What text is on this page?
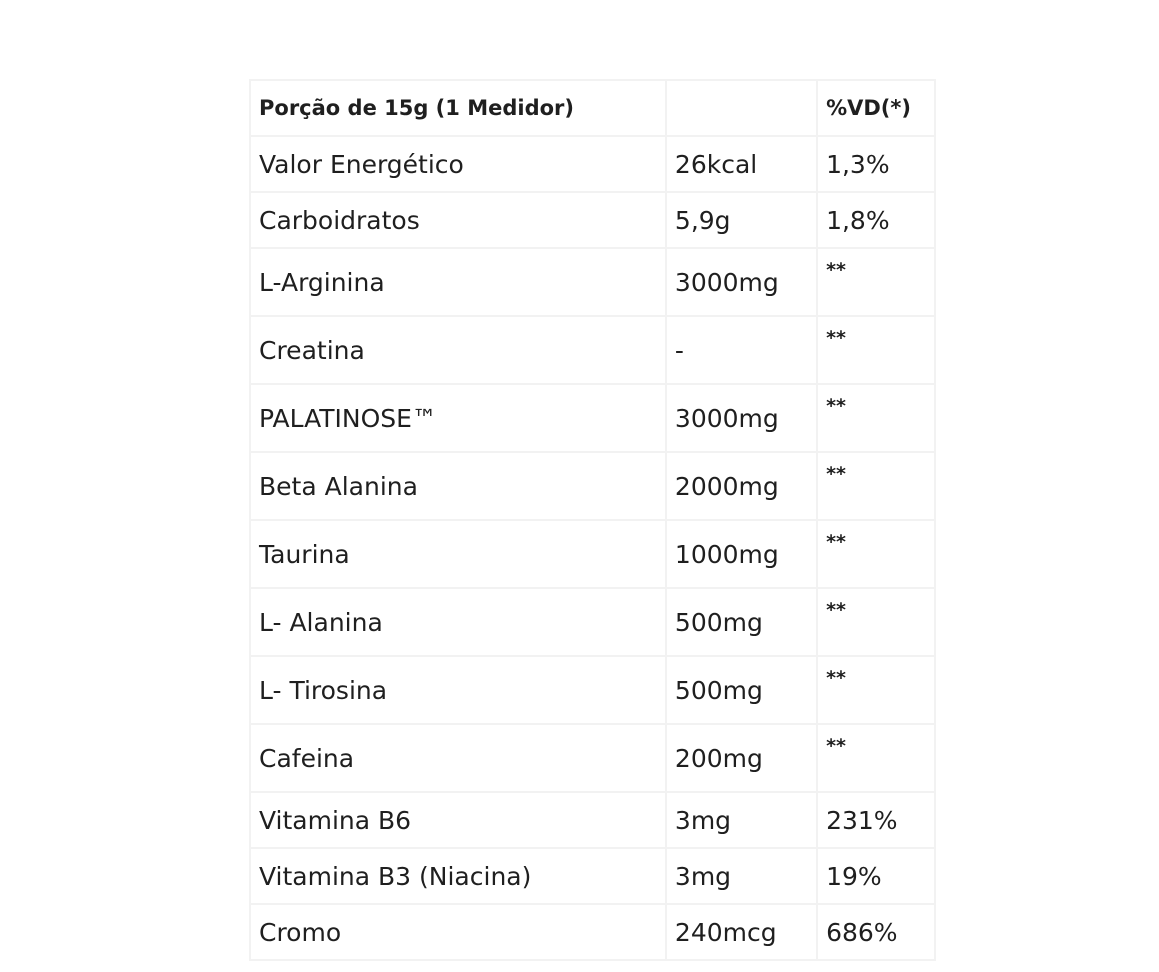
Porção de 15g (1 Medidor)		%VD(*)
Valor Energético	26kcal	1,3%
Carboidratos	5,9g	1,8%
L-Arginina	3000mg	**
Creatina	-	**
PALATINOSE™	3000mg	**
Beta Alanina	2000mg	**
Taurina	1000mg	**
L- Alanina	500mg	**
L- Tirosina	500mg	**
Cafeina	200mg	**
Vitamina B6	3mg	231%
Vitamina B3 (Niacina)	3mg	19%
Cromo	240mcg	686%
